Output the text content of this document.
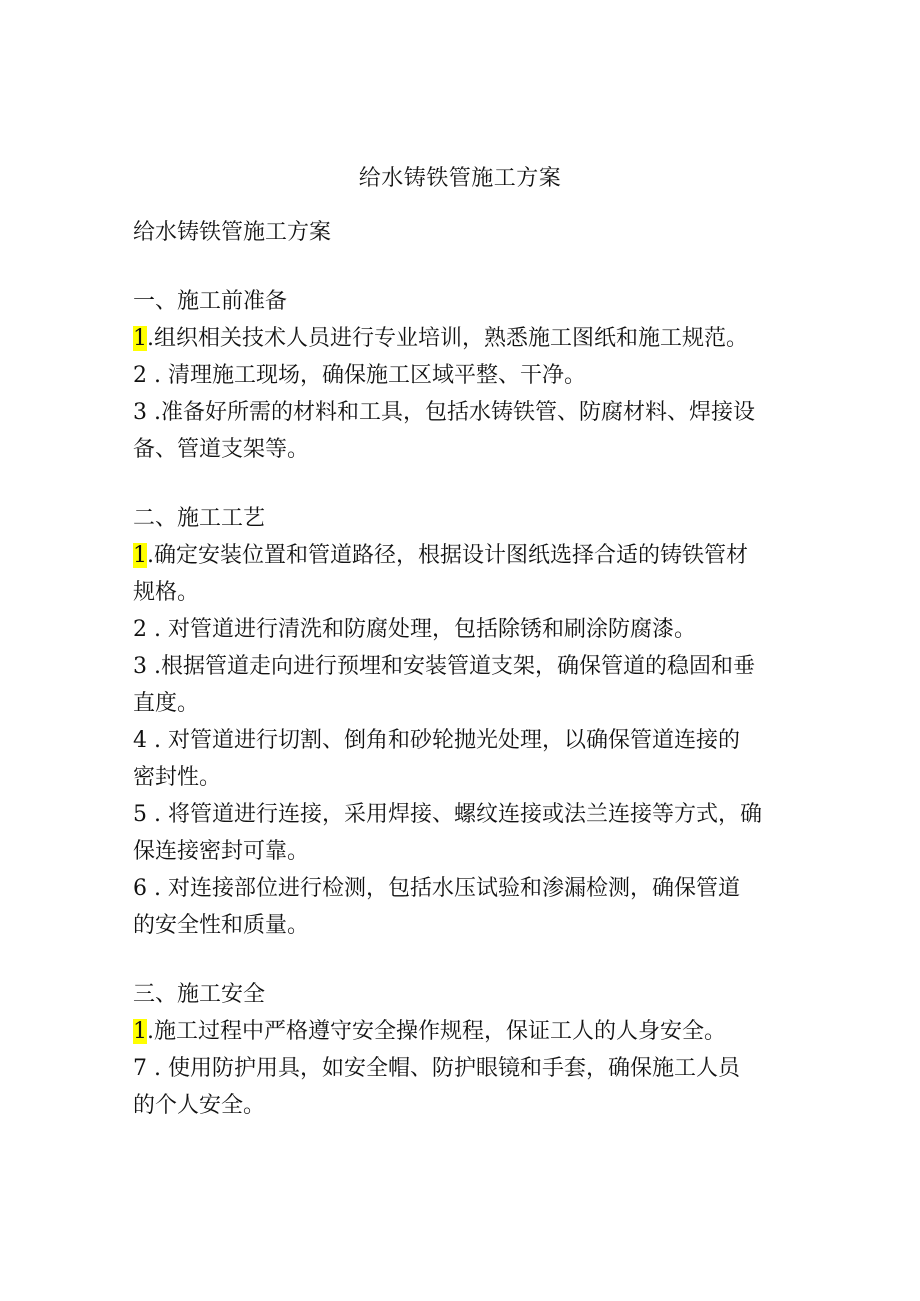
给水铸铁管施工方案

给水铸铁管施工方案

一、施工前准备

1.组织相关技术人员进行专业培训，熟悉施工图纸和施工规范。

2 . 清理施工现场，确保施工区域平整、干净。

3 .准备好所需的材料和工具，包括水铸铁管、防腐材料、焊接设

备、管道支架等。

二、施工工艺

1.确定安装位置和管道路径，根据设计图纸选择合适的铸铁管材

规格。

2 . 对管道进行清洗和防腐处理，包括除锈和刷涂防腐漆。

3 .根据管道走向进行预埋和安装管道支架，确保管道的稳固和垂

直度。

4 . 对管道进行切割、倒角和砂轮抛光处理，以确保管道连接的

密封性。

5 . 将管道进行连接，采用焊接、螺纹连接或法兰连接等方式，确

保连接密封可靠。

6 . 对连接部位进行检测，包括水压试验和渗漏检测，确保管道

的安全性和质量。

三、施工安全

1.施工过程中严格遵守安全操作规程，保证工人的人身安全。

7 . 使用防护用具，如安全帽、防护眼镜和手套，确保施工人员

的个人安全。
